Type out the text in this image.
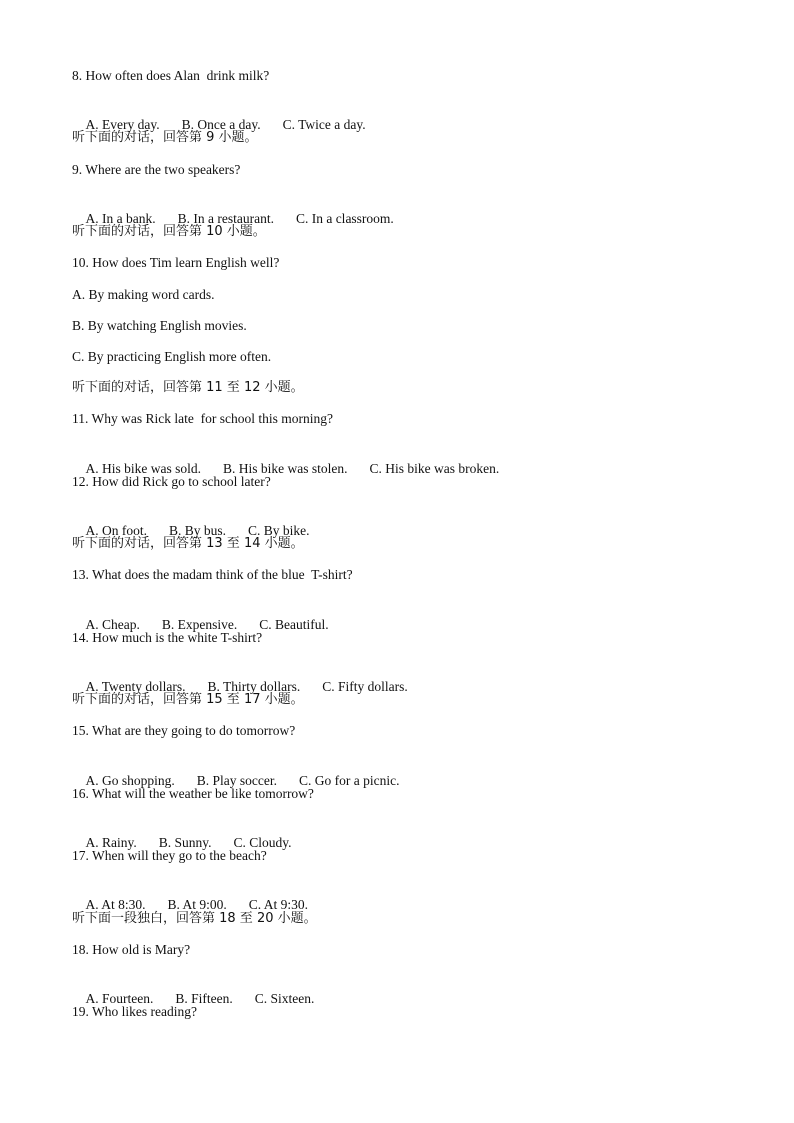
8. How often does Alan  drink milk?

A. Every day. B. Once a day. C. Twice a day.

听下面的对话，回答第 9 小题。
9. Where are the two speakers?

A. In a bank. B. In a restaurant. C. In a classroom.

听下面的对话，回答第 10 小题。
10. How does Tim learn English well?
A. By making word cards.
B. By watching English movies.
C. By practicing English more often.
听下面的对话，回答第 11 至 12 小题。
11. Why was Rick late  for school this morning?

A. His bike was sold. B. His bike was stolen. C. His bike was broken.

12. How did Rick go to school later?

A. On foot. B. By bus. C. By bike.

听下面的对话，回答第 13 至 14 小题。
13. What does the madam think of the blue  T-shirt?

A. Cheap. B. Expensive. C. Beautiful.

14. How much is the white T-shirt?

A. Twenty dollars. B. Thirty dollars. C. Fifty dollars.

听下面的对话，回答第 15 至 17 小题。
15. What are they going to do tomorrow?

A. Go shopping. B. Play soccer. C. Go for a picnic.

16. What will the weather be like tomorrow?

A. Rainy. B. Sunny. C. Cloudy.

17. When will they go to the beach?

A. At 8:30. B. At 9:00. C. At 9:30.

听下面一段独白，回答第 18 至 20 小题。
18. How old is Mary?

A. Fourteen. B. Fifteen. C. Sixteen.

19. Who likes reading?
